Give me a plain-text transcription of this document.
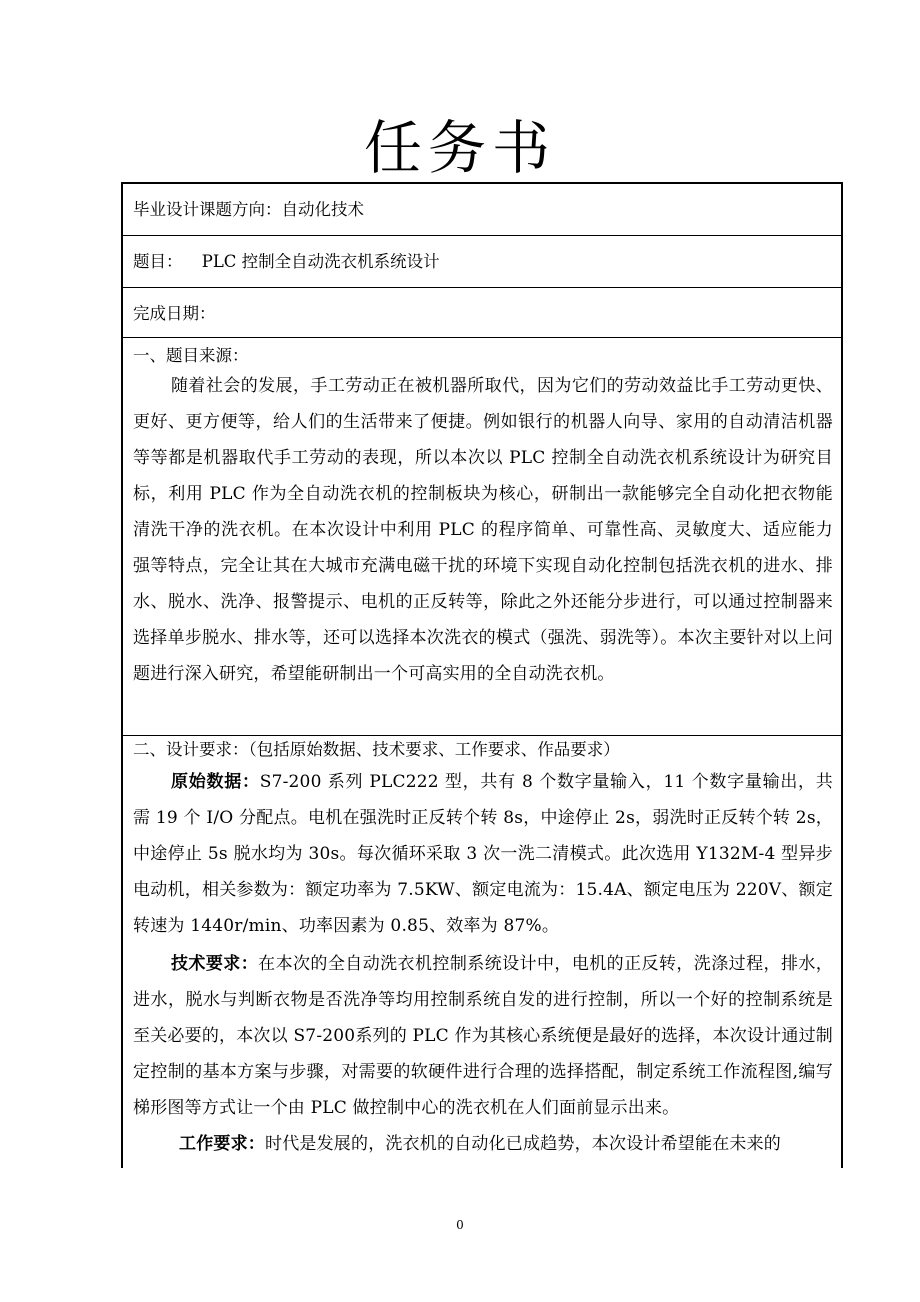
任务书
毕业设计课题方向：自动化技术
题目： PLC 控制全自动洗衣机系统设计
完成日期：
一、题目来源：
随着社会的发展，手工劳动正在被机器所取代，因为它们的劳动效益比手工劳动更快、更好、更方便等，给人们的生活带来了便捷。例如银行的机器人向导、家用的自动清洁机器等等都是机器取代手工劳动的表现，所以本次以 PLC 控制全自动洗衣机系统设计为研究目标，利用 PLC 作为全自动洗衣机的控制板块为核心，研制出一款能够完全自动化把衣物能清洗干净的洗衣机。在本次设计中利用 PLC 的程序简单、可靠性高、灵敏度大、适应能力强等特点，完全让其在大城市充满电磁干扰的环境下实现自动化控制包括洗衣机的进水、排水、脱水、洗净、报警提示、电机的正反转等，除此之外还能分步进行，可以通过控制器来选择单步脱水、排水等，还可以选择本次洗衣的模式（强洗、弱洗等）。本次主要针对以上问题进行深入研究，希望能研制出一个可高实用的全自动洗衣机。
二、设计要求：（包括原始数据、技术要求、工作要求、作品要求）
原始数据：S7-200 系列 PLC222 型，共有 8 个数字量输入，11 个数字量输出，共需 19 个 I/O 分配点。电机在强洗时正反转个转 8s，中途停止 2s，弱洗时正反转个转 2s，中途停止 5s 脱水均为 30s。每次循环采取 3 次一洗二清模式。此次选用 Y132M-4 型异步电动机，相关参数为：额定功率为 7.5KW、额定电流为：15.4A、额定电压为 220V、额定转速为 1440r/min、功率因素为 0.85、效率为 87%。
技术要求：在本次的全自动洗衣机控制系统设计中，电机的正反转，洗涤过程，排水，进水，脱水与判断衣物是否洗净等均用控制系统自发的进行控制，所以一个好的控制系统是至关必要的，本次以 S7-200系列的 PLC 作为其核心系统便是最好的选择，本次设计通过制定控制的基本方案与步骤，对需要的软硬件进行合理的选择搭配，制定系统工作流程图,编写梯形图等方式让一个由 PLC 做控制中心的洗衣机在人们面前显示出来。
工作要求：时代是发展的，洗衣机的自动化已成趋势，本次设计希望能在未来的
0
